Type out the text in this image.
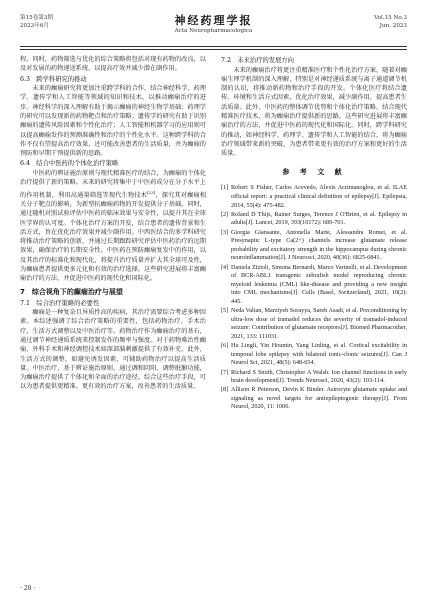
第15卷第3期
2023年6月	神经药理学报
Acta Neuropharmacologica
Vol.15 No.3
Jun. 2023

程。同时，药物筛选与优化的综合策略将包括对现有药物的改良，以及对发展的药物递送系统，以提高疗效并减少潜在副作用。

6.3　跨学科研究的推动

未来的癫痫研究将更加注重跨学科的合作，结合神经科学、药理学、遗传学和人工智能等领域的知识和技术，以推动癫痫治疗的进步。神经科学的深入理解有助于揭示癫痫的神经生物学基础；药理学的研究可以发现新的药物靶点和治疗策略；遗传学的研究有助于识别癫痫的遗传风险因素和个性化治疗；人工智能和机器学习的应用则可以提高癫痫发作的预测准确性和治疗的个性化水平。这种跨学科的合作不仅有望提高治疗效果，还可能改善患者的生活质量，并为癫痫的预防和早期干预提供新的思路。

6.4　结合中医药的个体化治疗策略

中医药的辨证施治原则与现代精准医疗的结合，为癫痫的个体化治疗提供了新的策略。未来的研究将集中于中医药成分在分子水平上的作用机制，利用高通量筛选等现代生物技术[23]，探究其对癫痫相关分子靶点的影响，为新型抗癫痫药物的开发提供分子基础。同时，通过随机对照试验评估中医药的临床效果与安全性，以提升其在全球医学界的认可度。个体化治疗方案的开发，结合患者的遗传背景和生活方式，旨在优化治疗效果并减少副作用。中西医结合的多学科研究将推动治疗策略的创新，并通过长期跟踪研究评估中医药治疗的远期效果，确保治疗的长期安全性。中医药在预防癫痫复发中的作用，以及其治疗的标准化和现代化，将提升治疗质量并扩大其全球可及性，为癫痫患者提供更多元化和有效的治疗选择。这些研究进展将丰富癫痫治疗的方法，并促进中医药的现代化和国际化。

7　综合视角下的癫痫治疗与展望
7.1　综合治疗策略的必要性

癫痫是一种复杂且异质性高的疾病，其治疗需要综合考虑多种因素。本综述强调了综合治疗策略的重要性，包括药物治疗、手术治疗、生活方式调整以及中医治疗等。药物治疗作为癫痫治疗的基石，通过调节神经递质系统来控制发作的频率与强度。对于药物难治性癫痫，外科手术和神经调控技术如深部脑刺激提供了有效补充。此外，生活方式的调整，如避免诱发因素，可辅助药物治疗以提高生活质量。中医治疗，基于辨证施治原则，通过调和阴阳、调整脏腑功能，为癫痫治疗提供了个体化和全面的治疗途径。综合这些治疗手段，可以为患者提供更精准、更有效的治疗方案，改善患者的生活质量。

7.2　未来治疗的发展方向

未来的癫痫治疗将更注重精准医疗和个性化治疗方案。随着对癫痫生理学机制的深入理解，特别是对神经递质系统与离子通道调节机制的认识，将推动新药物和治疗手段的开发。个体化医疗将结合遗传、环境和生活方式因素，优化治疗效果，减少副作用，提高患者生活质量。此外，中医药的整体调节优势和个体化治疗策略，结合现代精准医疗技术，将为癫痫治疗提供新的思路。这些研究进展将丰富癫痫治疗的方法，并促进中医药的现代化和国际化。同时，跨学科研究的推动，如神经科学、药理学、遗传学和人工智能的结合，将为癫痫治疗领域带来新的突破，为患者带来更有效的治疗方案和更好的生活质量。

参 考 文 献
[1] Robert S Fisher, Carlos Acevedo, Alexis Arzimanoglou, et al. ILAE official report: a practical clinical definition of epilepsy[J]. Epilepsia, 2014, 55(4): 475-482.
[2] Roland D Thijs, Rainer Surges, Terence J O'Brien, et al. Epilepsy in adults[J]. Lancet, 2019, 393(10172): 689-701.
[3] Giorgia Giansante, Antonella Marte, Alessandra Romei, et al. Presynaptic L-type Ca(2+) channels increase glutamate release probability and excitatory strength in the hippocampus during chronic neuroinflammation[J]. J Neurosci, 2020, 40(36): 6825-6841.
[4] Daniela Zizioli, Simona Bernardi, Marco Varinelli, et al. Development of BCR-ABL1 transgenic zebrafish model reproducing chronic myeloid leukemia (CML) like-disease and providing a new insight into CML mechanisms[J]. Cells (Basel, Switzerland), 2021, 10(2): 445.
[5] Neda Valian, Marziyeh Sorayya, Sareh Asadi, et al. Preconditioning by ultra-low dose of tramadol reduces the severity of tramadol-induced seizure: Contribution of glutamate receptors[J]. Biomed Pharmacother, 2021, 133: 111031.
[6] Hu Lingli, Yin Houmin, Yang Linling, et al. Cortical excitability in temporal lobe epilepsy with bilateral tonic-clonic seizures[J]. Can J Neurol Sci, 2021, 48(5): 648-654.
[7] Richard S Smith, Christopher A Walsh. Ion channel functions in early brain development[J]. Trends Neurosci, 2020, 43(2): 103-114.
[8] Allison R Peterson, Devin K Binder. Astrocyte glutamate uptake and signaling as novel targets for antiepileptogenic therapy[J]. Front Neurol, 2020, 11: 1006.
· 28 ·
